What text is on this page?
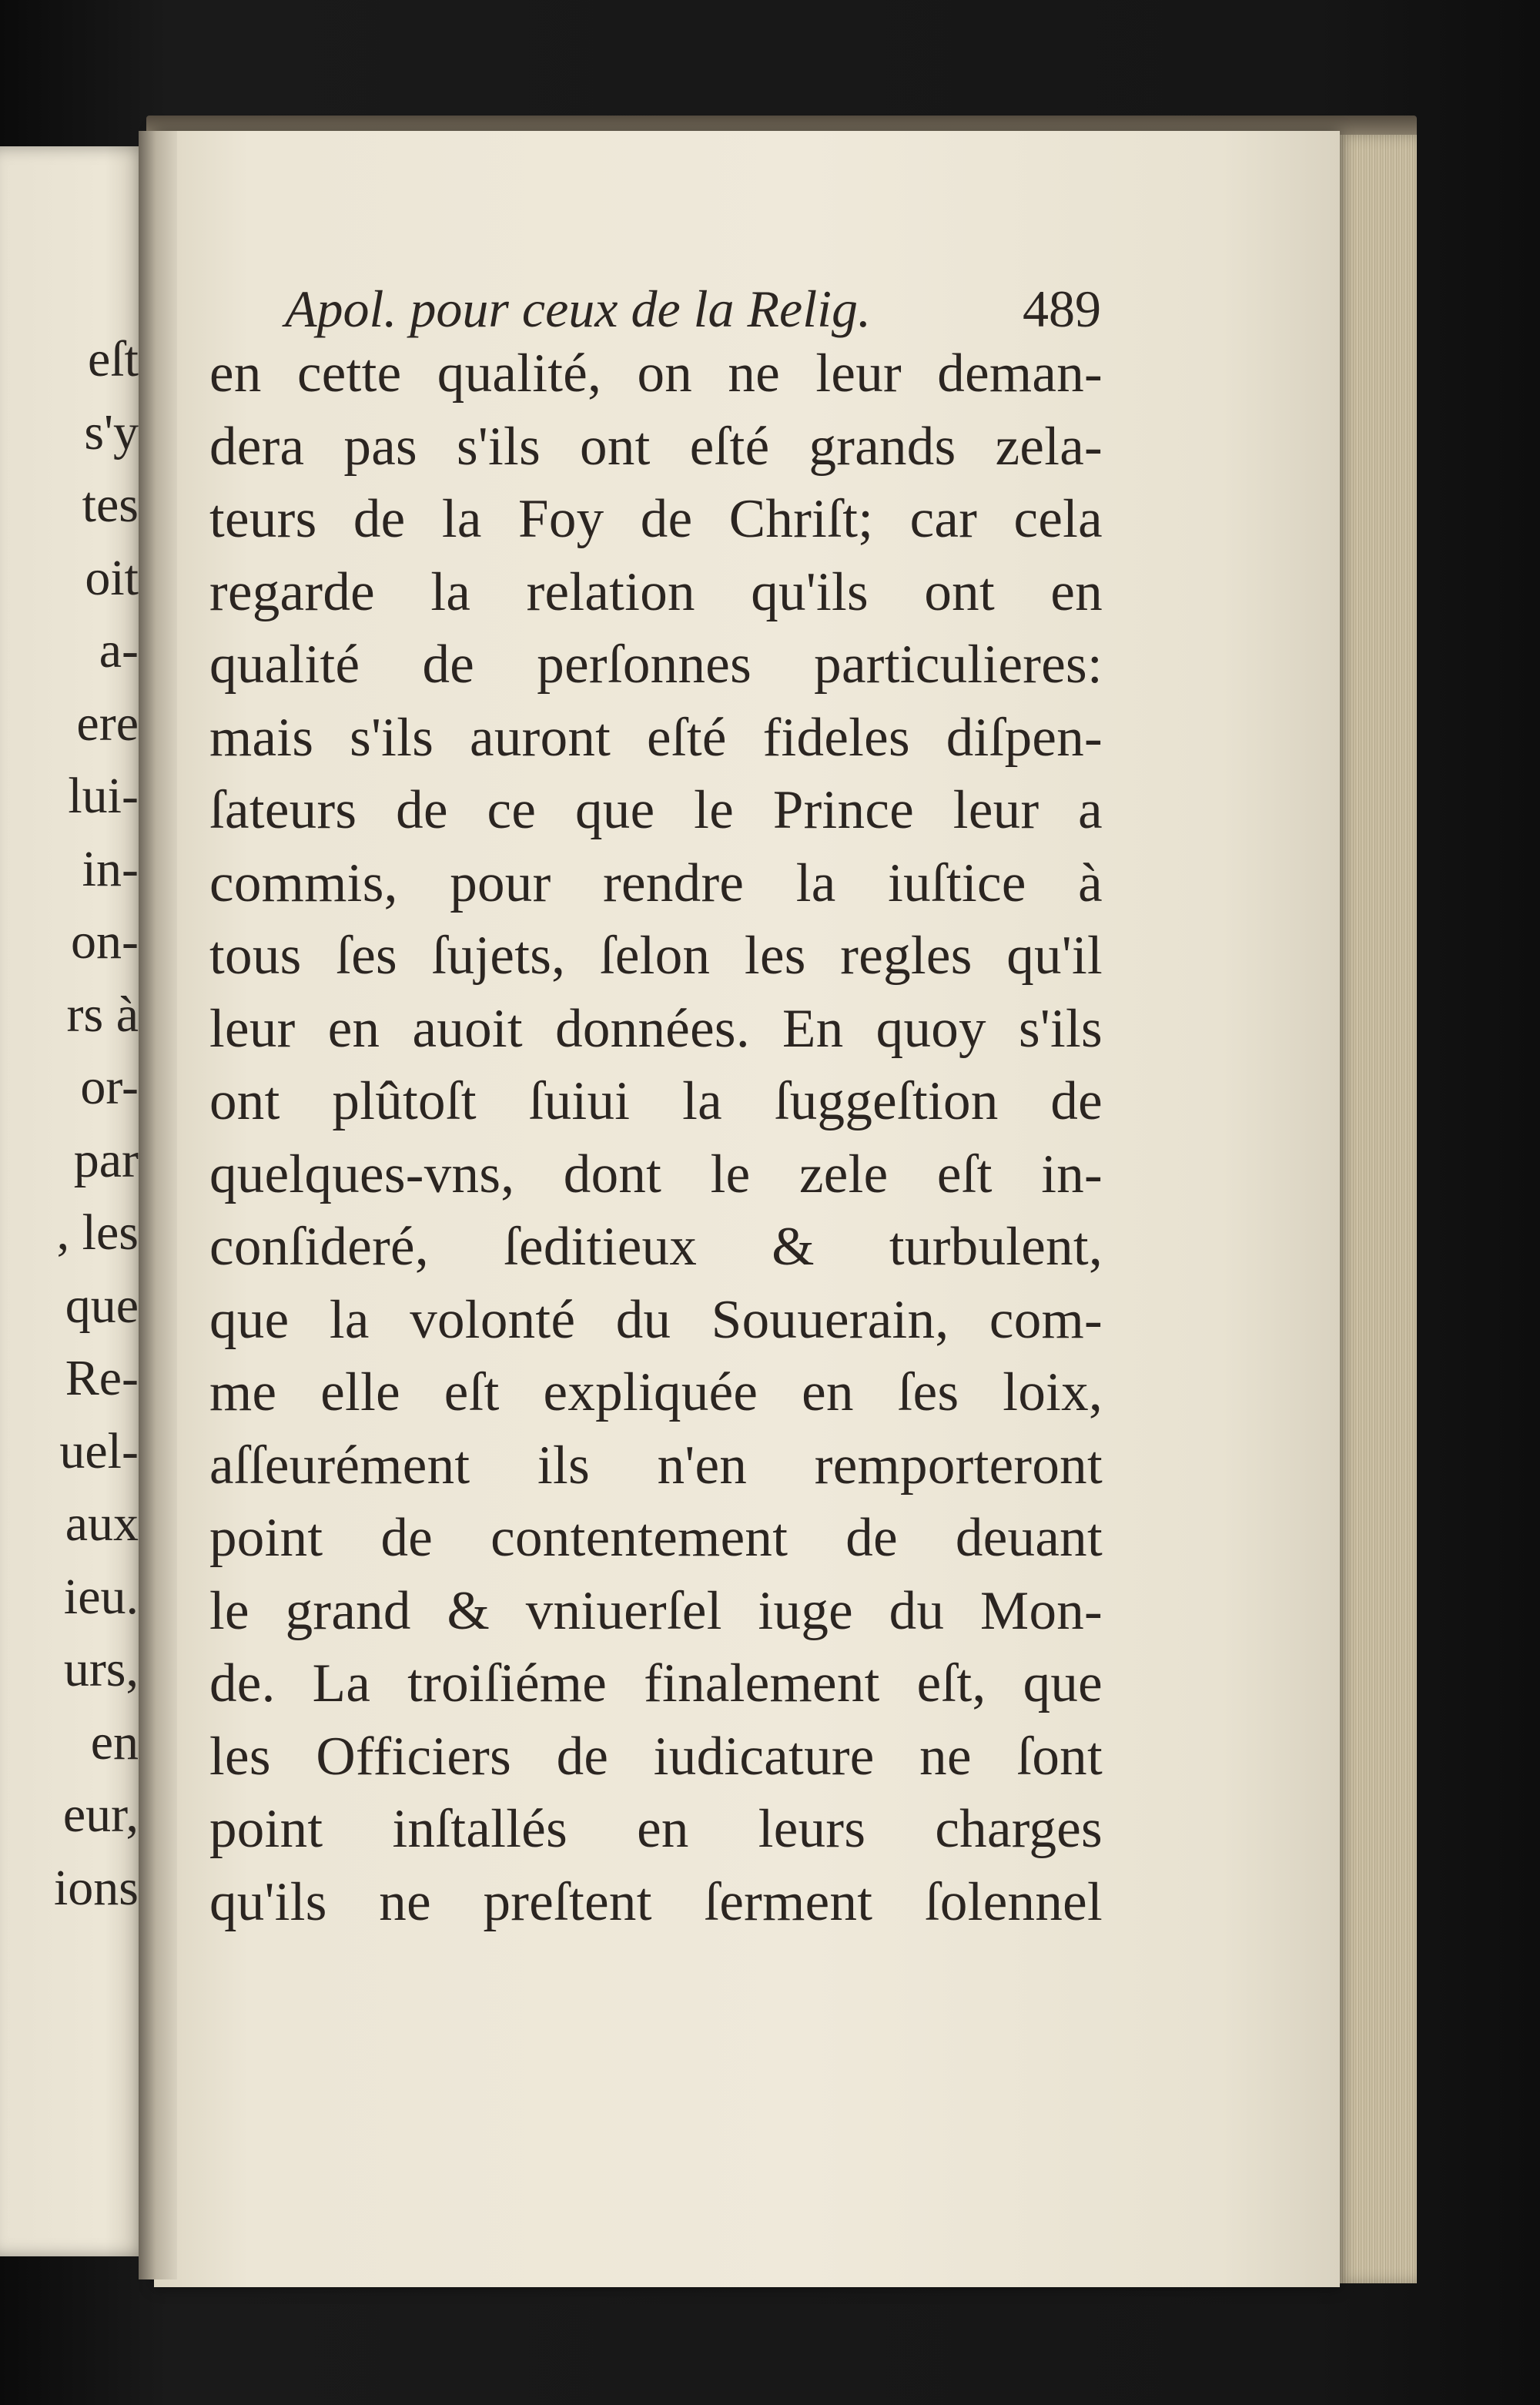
eſt
s'y
tes
oit
a-
ere
lui-
in-
on-
rs à
or-
par
, les
que
Re-
uel-
aux
ieu.
urs,
en
eur,
ions
Apol. pour ceux de la Relig.	489
en cette qualité, on ne leur deman-
dera pas s'ils ont eſté grands zela-
teurs de la Foy de Chriſt; car cela
regarde la relation qu'ils ont en
qualité de perſonnes particulieres:
mais s'ils auront eſté fideles diſpen-
ſateurs de ce que le Prince leur a
commis, pour rendre la iuſtice à
tous ſes ſujets, ſelon les regles qu'il
leur en auoit données. En quoy s'ils
ont plûtoſt ſuiui la ſuggeſtion de
quelques-vns, dont le zele eſt in-
conſideré, ſeditieux & turbulent,
que la volonté du Souuerain, com-
me elle eſt expliquée en ſes loix,
aſſeurément ils n'en remporteront
point de contentement de deuant
le grand & vniuerſel iuge du Mon-
de. La troiſiéme finalement eſt, que
les Officiers de iudicature ne ſont
point inſtallés en leurs charges
qu'ils ne preſtent ſerment ſolennel
